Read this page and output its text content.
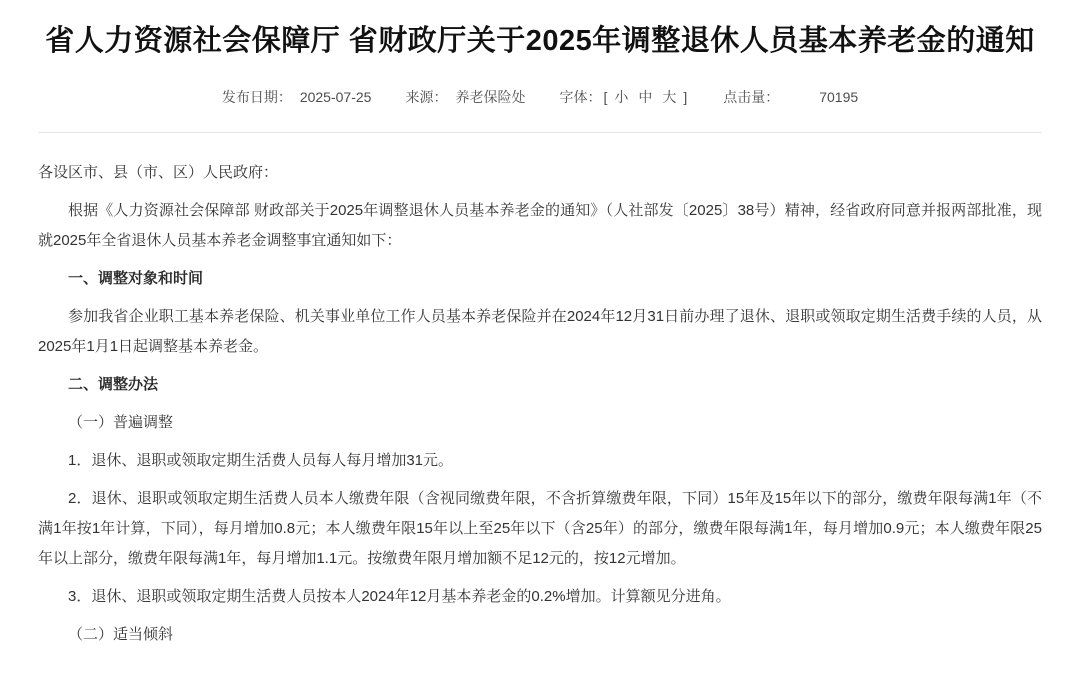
省人力资源社会保障厅 省财政厅关于2025年调整退休人员基本养老金的通知
发布日期： 2025-07-25 来源： 养老保险处 字体： [ 小 中 大 ]	点击量：	70195

各设区市、县（市、区）人民政府：

根据《人力资源社会保障部 财政部关于2025年调整退休人员基本养老金的通知》（人社部发〔2025〕38号）精神，经省政府同意并报两部批准，现就2025年全省退休人员基本养老金调整事宜通知如下：

一、调整对象和时间

参加我省企业职工基本养老保险、机关事业单位工作人员基本养老保险并在2024年12月31日前办理了退休、退职或领取定期生活费手续的人员，从2025年1月1日起调整基本养老金。

二、调整办法

（一）普遍调整

1．退休、退职或领取定期生活费人员每人每月增加31元。

2．退休、退职或领取定期生活费人员本人缴费年限（含视同缴费年限，不含折算缴费年限，下同）15年及15年以下的部分，缴费年限每满1年（不满1年按1年计算，下同），每月增加0.8元；本人缴费年限15年以上至25年以下（含25年）的部分，缴费年限每满1年，每月增加0.9元；本人缴费年限25年以上部分，缴费年限每满1年，每月增加1.1元。按缴费年限月增加额不足12元的，按12元增加。

3．退休、退职或领取定期生活费人员按本人2024年12月基本养老金的0.2%增加。计算额见分进角。

（二）适当倾斜
